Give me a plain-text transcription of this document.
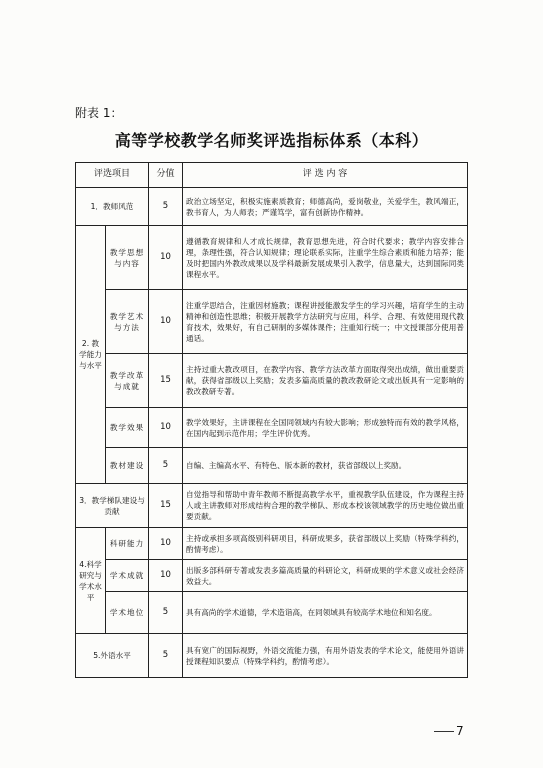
附表 1：
高等学校教学名师奖评选指标体系（本科）
评选项目		分值	评 选 内 容
1．教师风范		5	政治立场坚定，积极实施素质教育；师德高尚，爱岗敬业，关爱学生，教风端正，教书育人，为人师表；严谨笃学，富有创新协作精神。
2. 教学能力与水平	教学思想与内容	10	遵循教育规律和人才成长规律，教育思想先进，符合时代要求；教学内容安排合理，条理性强，符合认知规律；理论联系实际，注重学生综合素质和能力培养；能及时把国内外教改成果以及学科最新发展成果引入教学，信息量大，达到国际同类课程水平。
	教学艺术与方法	10	注重学思结合，注重因材施教；课程讲授能激发学生的学习兴趣，培育学生的主动精神和创造性思维；积极开展教学方法研究与应用，科学、合理、有效使用现代教育技术，效果好，有自己研制的多媒体课件；注重知行统一；中文授课部分使用普通话。
	教学改革与成就	15	主持过重大教改项目，在教学内容、教学方法改革方面取得突出成绩，做出重要贡献，获得省部级以上奖励；发表多篇高质量的教改教研论文或出版具有一定影响的教改教研专著。
	教学效果	10	教学效果好，主讲课程在全国同领域内有较大影响；形成独特而有效的教学风格，在国内起到示范作用；学生评价优秀。
	教材建设	5	自编、主编高水平、有特色、版本新的教材，获省部级以上奖励。
3．教学梯队建设与贡献		15	自觉指导和帮助中青年教师不断提高教学水平，重视教学队伍建设，作为课程主持人或主讲教师对形成结构合理的教学梯队、形成本校该领域教学的历史地位做出重要贡献。
4.科学研究与学术水平	科研能力	10	主持或承担多项高级别科研项目，科研成果多，获省部级以上奖励（特殊学科约，酌情考虑）。
	学术成就	10	出版多部科研专著或发表多篇高质量的科研论文，科研成果的学术意义或社会经济效益大。
	学术地位	5	具有高尚的学术道德，学术造诣高，在同领域具有较高学术地位和知名度。
5.外语水平		5	具有宽广的国际视野，外语交流能力强，有用外语发表的学术论文，能使用外语讲授课程知识要点（特殊学科约，酌情考虑）。
7
